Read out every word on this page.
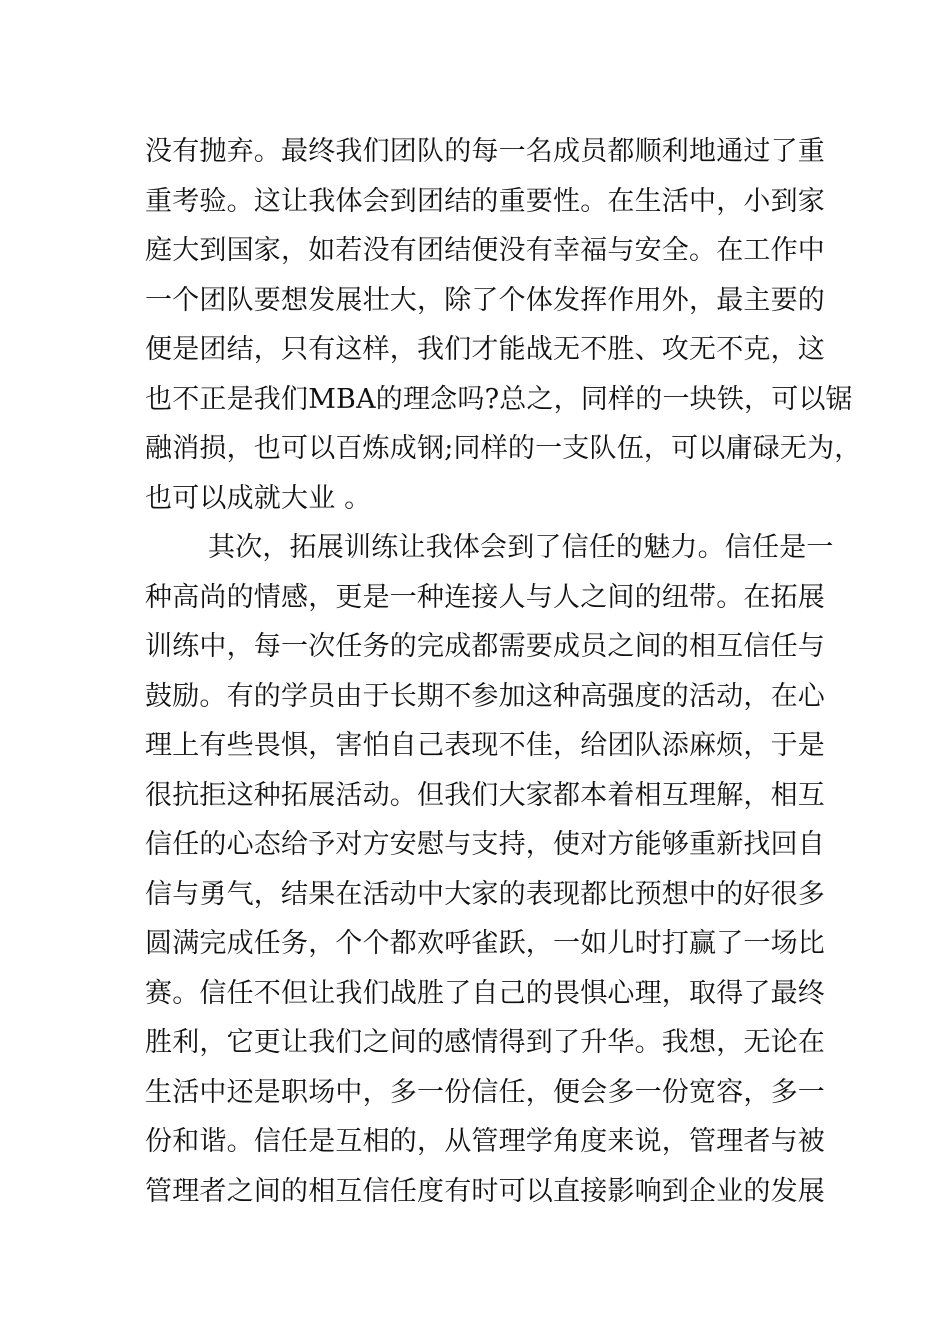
没有抛弃。最终我们团队的每一名成员都顺利地通过了重
重考验。这让我体会到团结的重要性。在生活中，小到家
庭大到国家，如若没有团结便没有幸福与安全。在工作中
一个团队要想发展壮大，除了个体发挥作用外，最主要的
便是团结，只有这样，我们才能战无不胜、攻无不克，这
也不正是我们MBA的理念吗?总之，同样的一块铁，可以锯
融消损，也可以百炼成钢;同样的一支队伍，可以庸碌无为，
也可以成就大业 。
其次，拓展训练让我体会到了信任的魅力。信任是一
种高尚的情感，更是一种连接人与人之间的纽带。在拓展
训练中，每一次任务的完成都需要成员之间的相互信任与
鼓励。有的学员由于长期不参加这种高强度的活动，在心
理上有些畏惧，害怕自己表现不佳，给团队添麻烦，于是
很抗拒这种拓展活动。但我们大家都本着相互理解，相互
信任的心态给予对方安慰与支持，使对方能够重新找回自
信与勇气，结果在活动中大家的表现都比预想中的好很多
圆满完成任务，个个都欢呼雀跃，一如儿时打赢了一场比
赛。信任不但让我们战胜了自己的畏惧心理，取得了最终
胜利，它更让我们之间的感情得到了升华。我想，无论在
生活中还是职场中，多一份信任，便会多一份宽容，多一
份和谐。信任是互相的，从管理学角度来说，管理者与被
管理者之间的相互信任度有时可以直接影响到企业的发展
